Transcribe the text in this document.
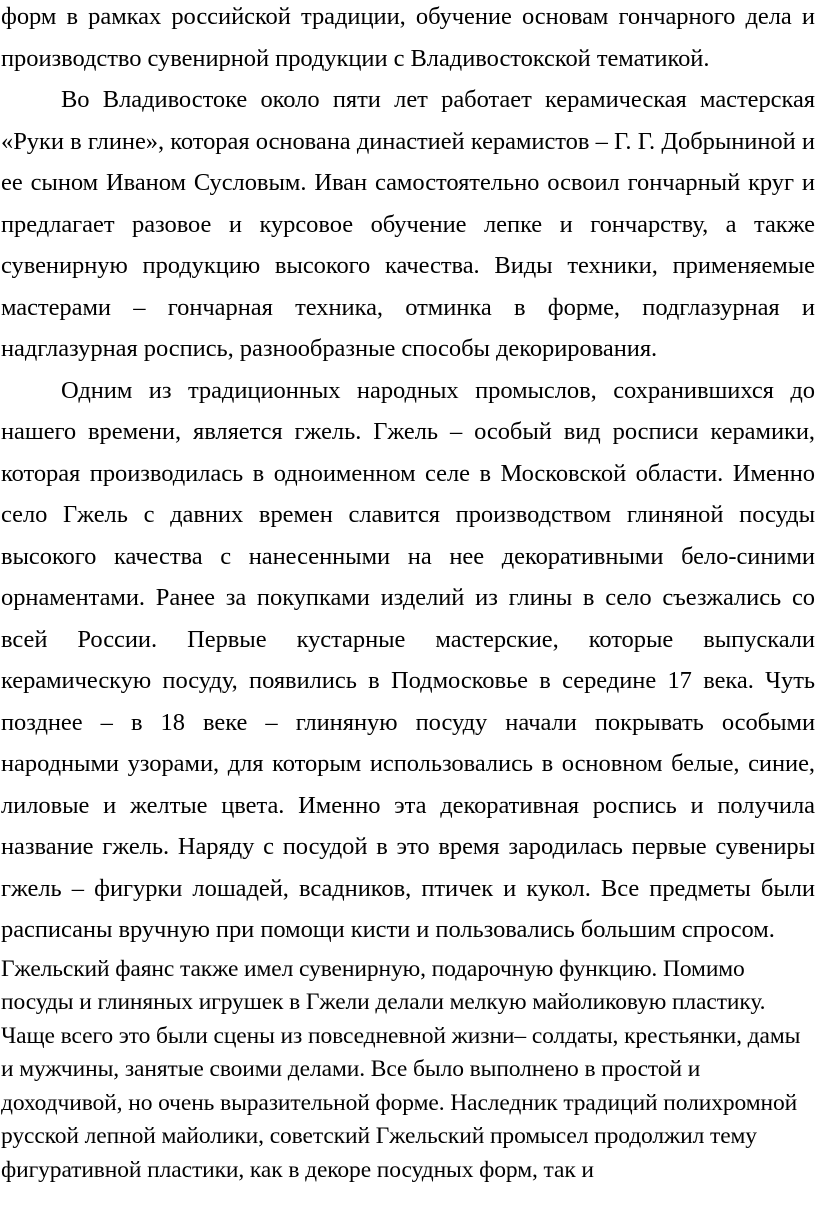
форм в рамках российской традиции, обучение основам гончарного дела и производство сувенирной продукции с Владивостокской тематикой.

Во Владивостоке около пяти лет работает керамическая мастерская «Руки в глине», которая основана династией керамистов – Г. Г. Добрыниной и ее сыном Иваном Сусловым. Иван самостоятельно освоил гончарный круг и предлагает разовое и курсовое обучение лепке и гончарству, а также сувенирную продукцию высокого качества. Виды техники, применяемые мастерами – гончарная техника, отминка в форме, подглазурная и надглазурная роспись, разнообразные способы декорирования.

Одним из традиционных народных промыслов, сохранившихся до нашего времени, является гжель. Гжель – особый вид росписи керамики, которая производилась в одноименном селе в Московской области. Именно село Гжель с давних времен славится производством глиняной посуды высокого качества с нанесенными на нее декоративными бело-синими орнаментами. Ранее за покупками изделий из глины в село съезжались со всей России. Первые кустарные мастерские, которые выпускали керамическую посуду, появились в Подмосковье в середине 17 века. Чуть позднее – в 18 веке – глиняную посуду начали покрывать особыми народными узорами, для которым использовались в основном белые, синие, лиловые и желтые цвета. Именно эта декоративная роспись и получила название гжель. Наряду с посудой в это время зародилась первые сувениры гжель – фигурки лошадей, всадников, птичек и кукол. Все предметы были расписаны вручную при помощи кисти и пользовались большим спросом.

Гжельский фаянс также имел сувенирную, подарочную функцию. Помимо посуды и глиняных игрушек в Гжели делали мелкую майоликовую пластику. Чаще всего это были сцены из повседневной жизни– солдаты, крестьянки, дамы и мужчины, занятые своими делами. Все было выполнено в простой и доходчивой, но очень выразительной форме. Наследник традиций полихромной русской лепной майолики, советский Гжельский промысел продолжил тему фигуративной пластики, как в декоре посудных форм, так и
